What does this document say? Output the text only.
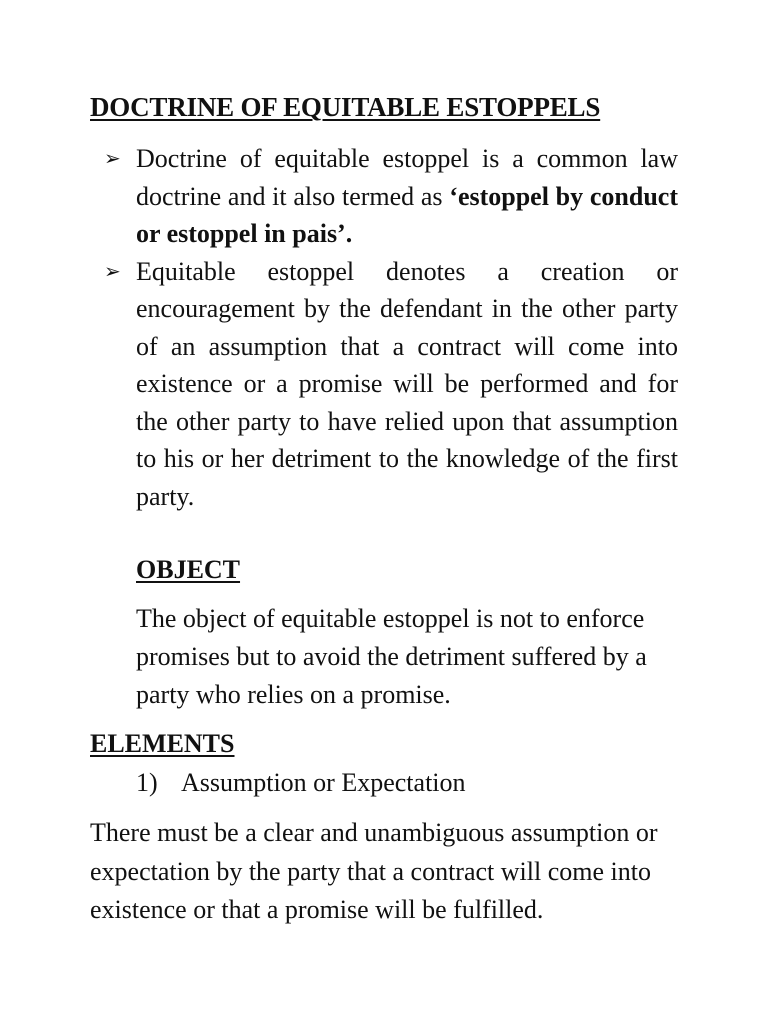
DOCTRINE OF EQUITABLE ESTOPPELS
➢ Doctrine of equitable estoppel is a common law doctrine and it also termed as ‘estoppel by conduct or estoppel in pais’.
➢ Equitable estoppel denotes a creation or encouragement by the defendant in the other party of an assumption that a contract will come into existence or a promise will be performed and for the other party to have relied upon that assumption to his or her detriment to the knowledge of the first party.
OBJECT
The object of equitable estoppel is not to enforce promises but to avoid the detriment suffered by a party who relies on a promise.
ELEMENTS
1) Assumption or Expectation
There must be a clear and unambiguous assumption or expectation by the party that a contract will come into existence or that a promise will be fulfilled.
